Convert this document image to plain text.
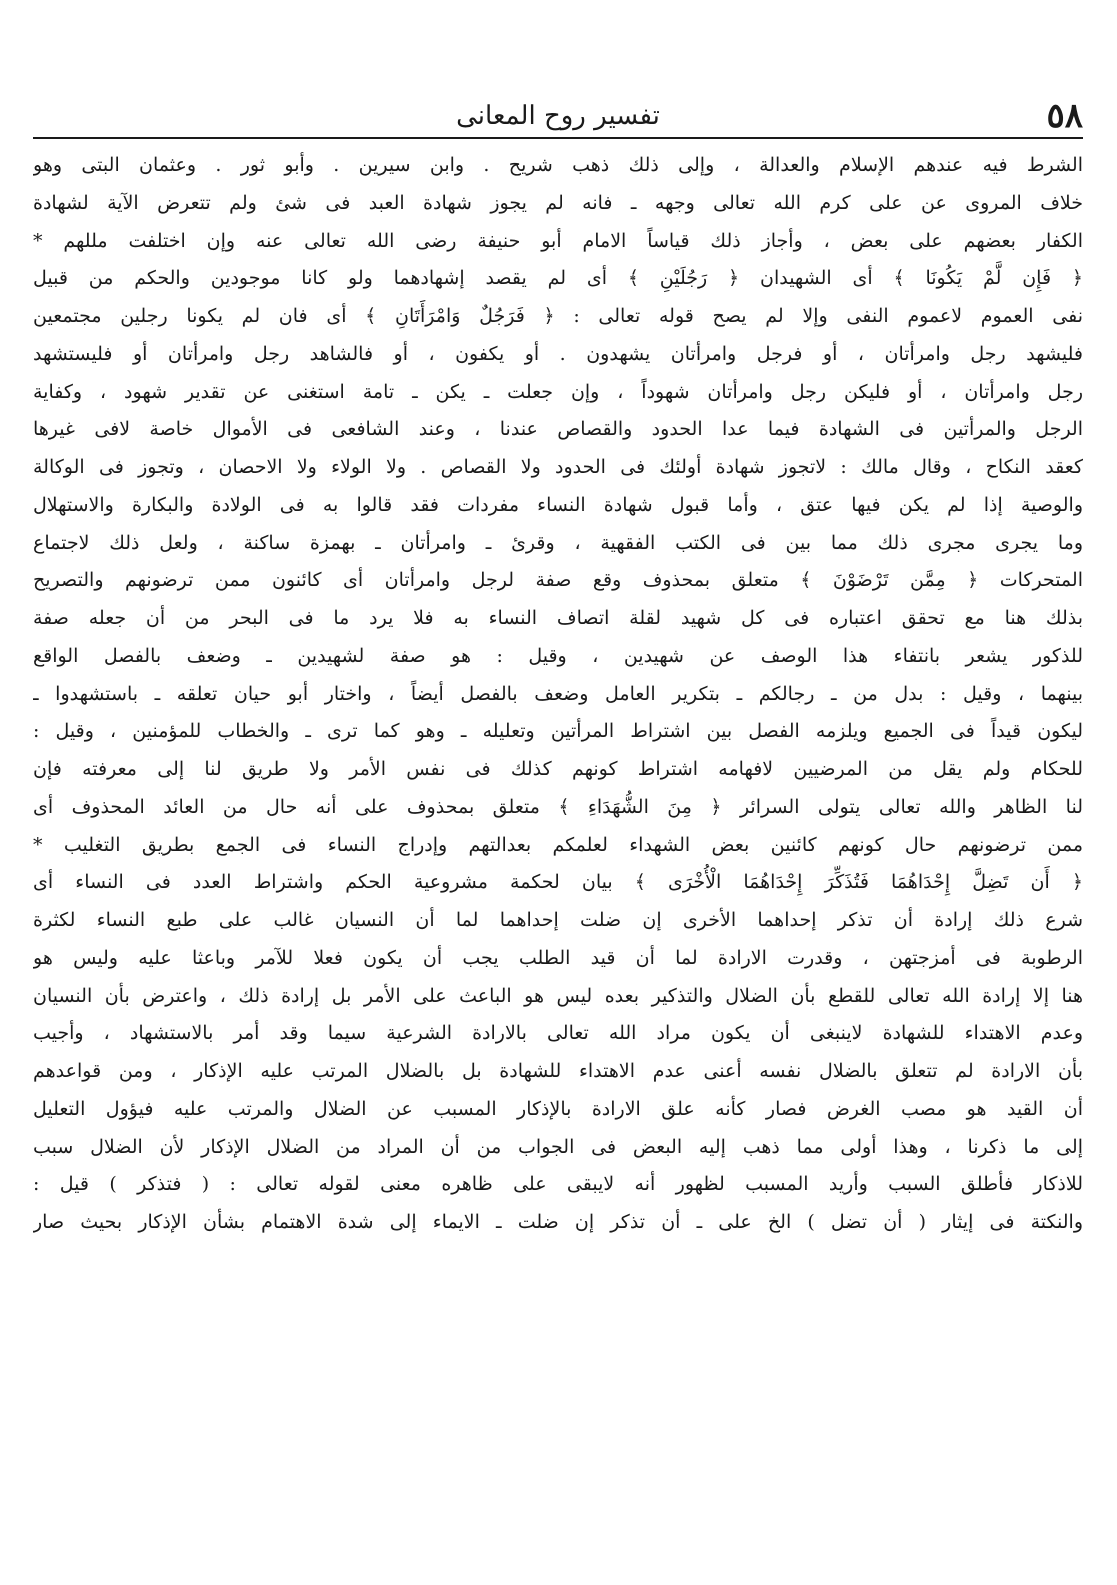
٥٨
تفسير روح المعانى
الشرط فيه عندهم الإسلام والعدالة ، وإلى ذلك ذهب شريح . وابن سيرين . وأبو ثور . وعثمان البتى وهو
خلاف المروى عن على كرم الله تعالى وجهه ـ فانه لم يجوز شهادة العبد فى شئ ولم تتعرض الآية لشهادة
الكفار بعضهم على بعض ، وأجاز ذلك قياساً الامام أبو حنيفة رضى الله تعالى عنه وإن اختلفت مللهم *
﴿ فَإِن لَّمْ يَكُونَا ﴾ أى الشهيدان ﴿ رَجُلَيْنِ ﴾ أى لم يقصد إشهادهما ولو كانا موجودين والحكم من قبيل
نفى العموم لاعموم النفى وإلا لم يصح قوله تعالى : ﴿ فَرَجُلٌ وَامْرَأَتَانِ ﴾ أى فان لم يكونا رجلين مجتمعين
فليشهد رجل وامرأتان ، أو فرجل وامرأتان يشهدون . أو يكفون ، أو فالشاهد رجل وامرأتان أو فليستشهد
رجل وامرأتان ، أو فليكن رجل وامرأتان شهوداً ، وإن جعلت ـ يكن ـ تامة استغنى عن تقدير شهود ، وكفاية
الرجل والمرأتين فى الشهادة فيما عدا الحدود والقصاص عندنا ، وعند الشافعى فى الأموال خاصة لافى غيرها
كعقد النكاح ، وقال مالك : لاتجوز شهادة أولئك فى الحدود ولا القصاص . ولا الولاء ولا الاحصان ، وتجوز فى الوكالة
والوصية إذا لم يكن فيها عتق ، وأما قبول شهادة النساء مفردات فقد قالوا به فى الولادة والبكارة والاستهلال
وما يجرى مجرى ذلك مما بين فى الكتب الفقهية ، وقرئ ـ وامرأتان ـ بهمزة ساكنة ، ولعل ذلك لاجتماع
المتحركات ﴿ مِمَّن تَرْضَوْنَ ﴾ متعلق بمحذوف وقع صفة لرجل وامرأتان أى كائنون ممن ترضونهم والتصريح
بذلك هنا مع تحقق اعتباره فى كل شهيد لقلة اتصاف النساء به فلا يرد ما فى البحر من أن جعله صفة
للذكور يشعر بانتفاء هذا الوصف عن شهيدين ، وقيل : هو صفة لشهيدين ـ وضعف بالفصل الواقع
بينهما ، وقيل : بدل من ـ رجالكم ـ بتكرير العامل وضعف بالفصل أيضاً ، واختار أبو حيان تعلقه ـ باستشهدوا ـ
ليكون قيداً فى الجميع ويلزمه الفصل بين اشتراط المرأتين وتعليله ـ وهو كما ترى ـ والخطاب للمؤمنين ، وقيل :
للحكام ولم يقل من المرضيين لافهامه اشتراط كونهم كذلك فى نفس الأمر ولا طريق لنا إلى معرفته فإن
لنا الظاهر والله تعالى يتولى السرائر ﴿ مِنَ الشُّهَدَاءِ ﴾ متعلق بمحذوف على أنه حال من العائد المحذوف أى
ممن ترضونهم حال كونهم كائنين بعض الشهداء لعلمكم بعدالتهم وإدراج النساء فى الجمع بطريق التغليب *
﴿ أَن تَضِلَّ إِحْدَاهُمَا فَتُذَكِّرَ إِحْدَاهُمَا الْأُخْرَى ﴾ بيان لحكمة مشروعية الحكم واشتراط العدد فى النساء أى
شرع ذلك إرادة أن تذكر إحداهما الأخرى إن ضلت إحداهما لما أن النسيان غالب على طبع النساء لكثرة
الرطوبة فى أمزجتهن ، وقدرت الارادة لما أن قيد الطلب يجب أن يكون فعلا للآمر وباعثا عليه وليس هو
هنا إلا إرادة الله تعالى للقطع بأن الضلال والتذكير بعده ليس هو الباعث على الأمر بل إرادة ذلك ، واعترض بأن النسيان
وعدم الاهتداء للشهادة لاينبغى أن يكون مراد الله تعالى بالارادة الشرعية سيما وقد أمر بالاستشهاد ، وأجيب
بأن الارادة لم تتعلق بالضلال نفسه أعنى عدم الاهتداء للشهادة بل بالضلال المرتب عليه الإذكار ، ومن قواعدهم
أن القيد هو مصب الغرض فصار كأنه علق الارادة بالإذكار المسبب عن الضلال والمرتب عليه فيؤول التعليل
إلى ما ذكرنا ، وهذا أولى مما ذهب إليه البعض فى الجواب من أن المراد من الضلال الإذكار لأن الضلال سبب
للاذكار فأطلق السبب وأريد المسبب لظهور أنه لايبقى على ظاهره معنى لقوله تعالى : ( فتذكر ) قيل :
والنكتة فى إيثار ( أن تضل ) الخ على ـ أن تذكر إن ضلت ـ الايماء إلى شدة الاهتمام بشأن الإذكار بحيث صار
